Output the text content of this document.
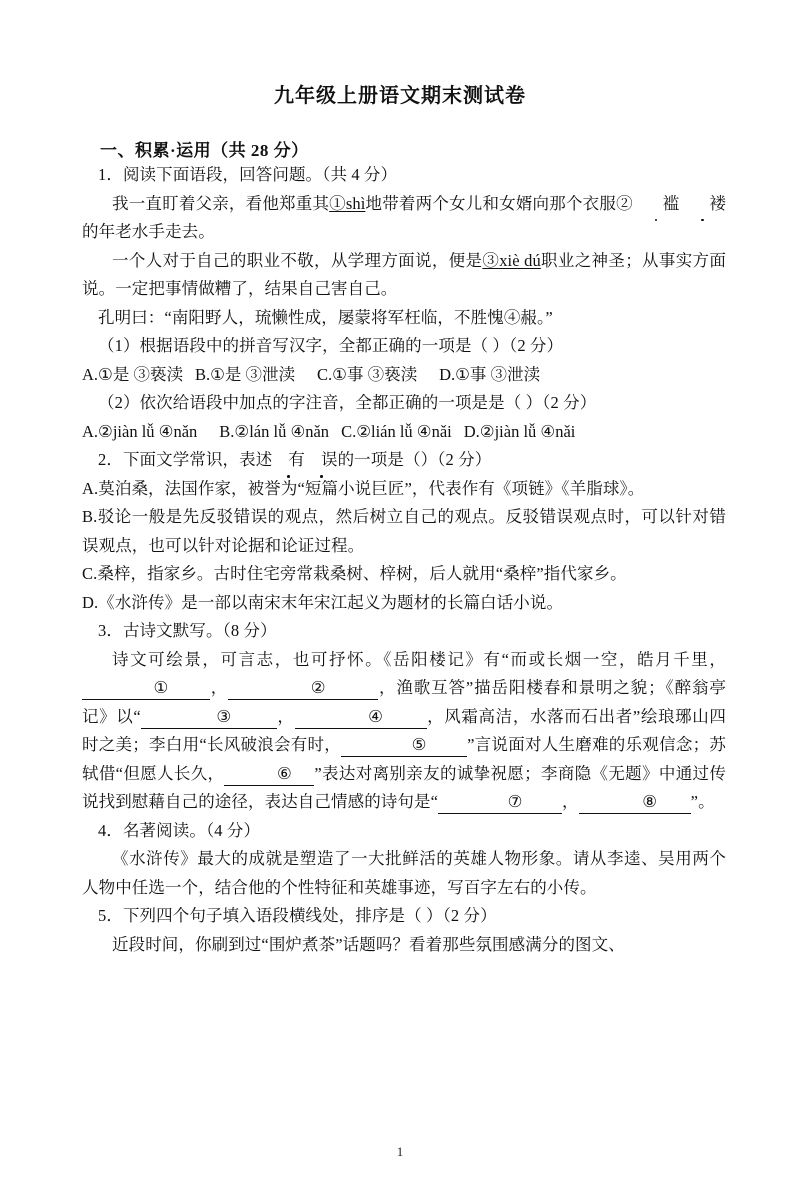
九年级上册语文期末测试卷
一、积累·运用（共 28 分）

1．阅读下面语段，回答问题。（共 4 分）

我一直盯着父亲，看他郑重其①shì地带着两个女儿和女婿向那个衣服② 褴 褛的年老水手走去。

一个人对于自己的职业不敬，从学理方面说，便是③xiè dú职业之神圣；从事实方面说。一定把事情做糟了，结果自己害自己。

孔明曰：“南阳野人，琉懒性成，屡蒙将军枉临，不胜愧④赧。”

（1）根据语段中的拼音写汉字，全都正确的一项是（ ）（2 分）

A.①是 ③亵渎 B.①是 ③泄渎 C.①事 ③亵渎 D.①事 ③泄渎

（2）依次给语段中加点的字注音，全都正确的一项是是（ ）（2 分）

A.②jiàn lǚ ④nǎn B.②lán lǚ ④nǎn C.②lián lǚ ④nǎi D.②jiàn lǚ ④nǎi

2．下面文学常识，表述 有 误的一项是（）（2 分）

A.莫泊桑，法国作家，被誉为“短篇小说巨匠”，代表作有《项链》《羊脂球》。

B.驳论一般是先反驳错误的观点，然后树立自己的观点。反驳错误观点时，可以针对错误观点，也可以针对论据和论证过程。

C.桑梓，指家乡。古时住宅旁常栽桑树、梓树，后人就用“桑梓”指代家乡。

D.《水浒传》是一部以南宋末年宋江起义为题材的长篇白话小说。

3．古诗文默写。（8 分）

诗文可绘景，可言志，也可抒怀。《岳阳楼记》有“而或长烟一空，皓月千里，①	，	②	，渔歌互答”描岳阳楼春和景明之貌；《醉翁亭记》以“	③	，	④	，风霜高洁，水落而石出者”绘琅琊山四时之美；李白用“长风破浪会有时，	⑤ ”言说面对人生磨难的乐观信念；苏轼借“但愿人长久，	⑥ ”表达对离别亲友的诚挚祝愿；李商隐《无题》中通过传说找到慰藉自己的途径，表达自己情感的诗句是“	⑦ ，	⑧ ”。

4．名著阅读。（4 分）

《水浒传》最大的成就是塑造了一大批鲜活的英雄人物形象。请从李逵、吴用两个人物中任选一个，结合他的个性特征和英雄事迹，写百字左右的小传。

5．下列四个句子填入语段横线处，排序是（ ）（2 分）

近段时间，你刷到过“围炉煮茶”话题吗？看着那些氛围感满分的图文、

1
